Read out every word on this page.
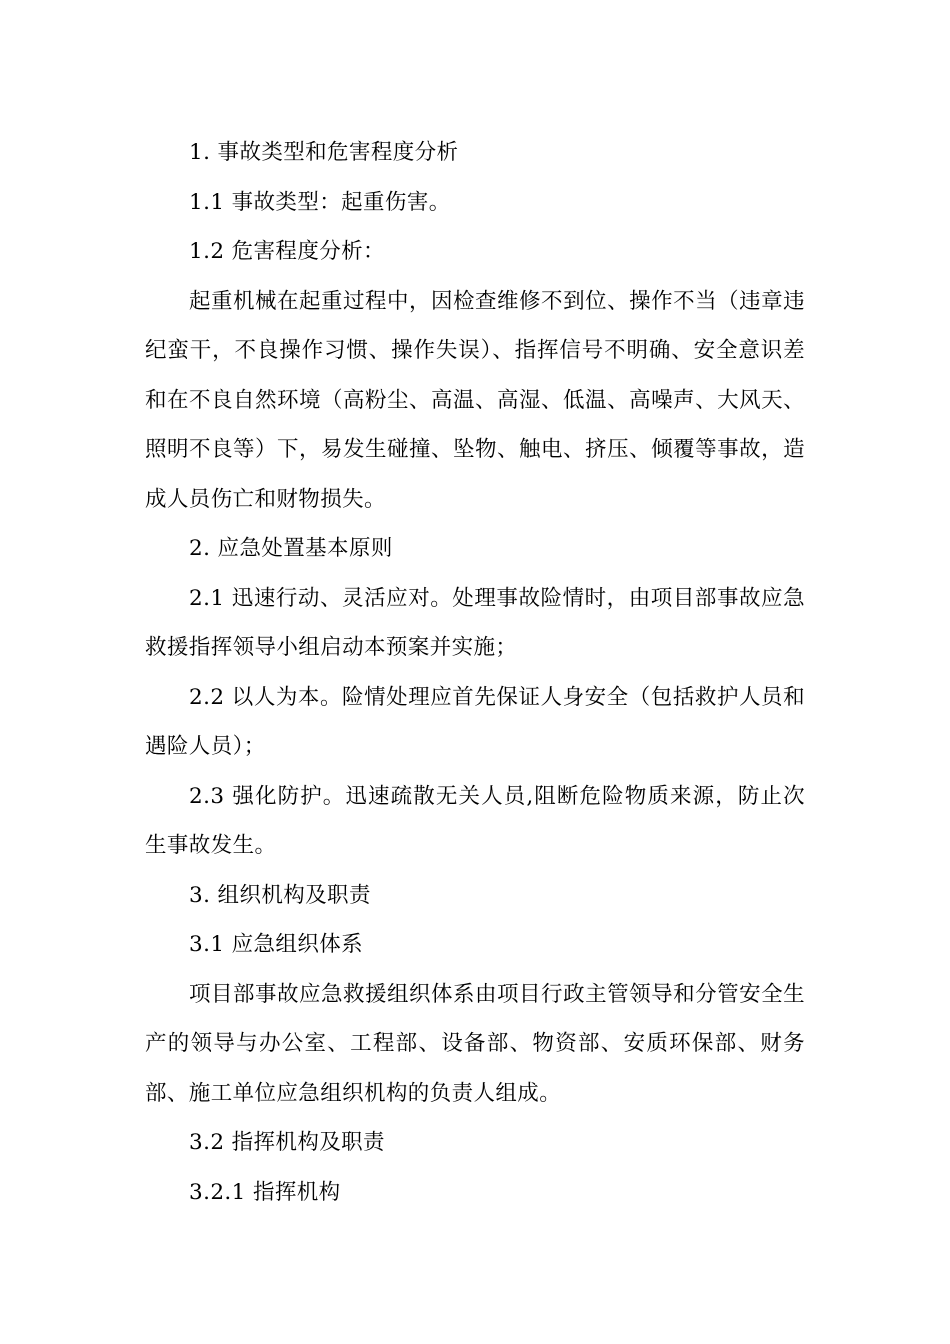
1. 事故类型和危害程度分析

1.1 事故类型：起重伤害。

1.2 危害程度分析：

起重机械在起重过程中，因检查维修不到位、操作不当（违章违纪蛮干，不良操作习惯、操作失误）、指挥信号不明确、安全意识差和在不良自然环境（高粉尘、高温、高湿、低温、高噪声、大风天、照明不良等）下，易发生碰撞、坠物、触电、挤压、倾覆等事故，造成人员伤亡和财物损失。

2. 应急处置基本原则

2.1 迅速行动、灵活应对。处理事故险情时，由项目部事故应急救援指挥领导小组启动本预案并实施；

2.2 以人为本。险情处理应首先保证人身安全（包括救护人员和遇险人员）；

2.3 强化防护。迅速疏散无关人员,阻断危险物质来源，防止次生事故发生。

3. 组织机构及职责

3.1 应急组织体系

项目部事故应急救援组织体系由项目行政主管领导和分管安全生产的领导与办公室、工程部、设备部、物资部、安质环保部、财务部、施工单位应急组织机构的负责人组成。

3.2 指挥机构及职责

3.2.1 指挥机构
